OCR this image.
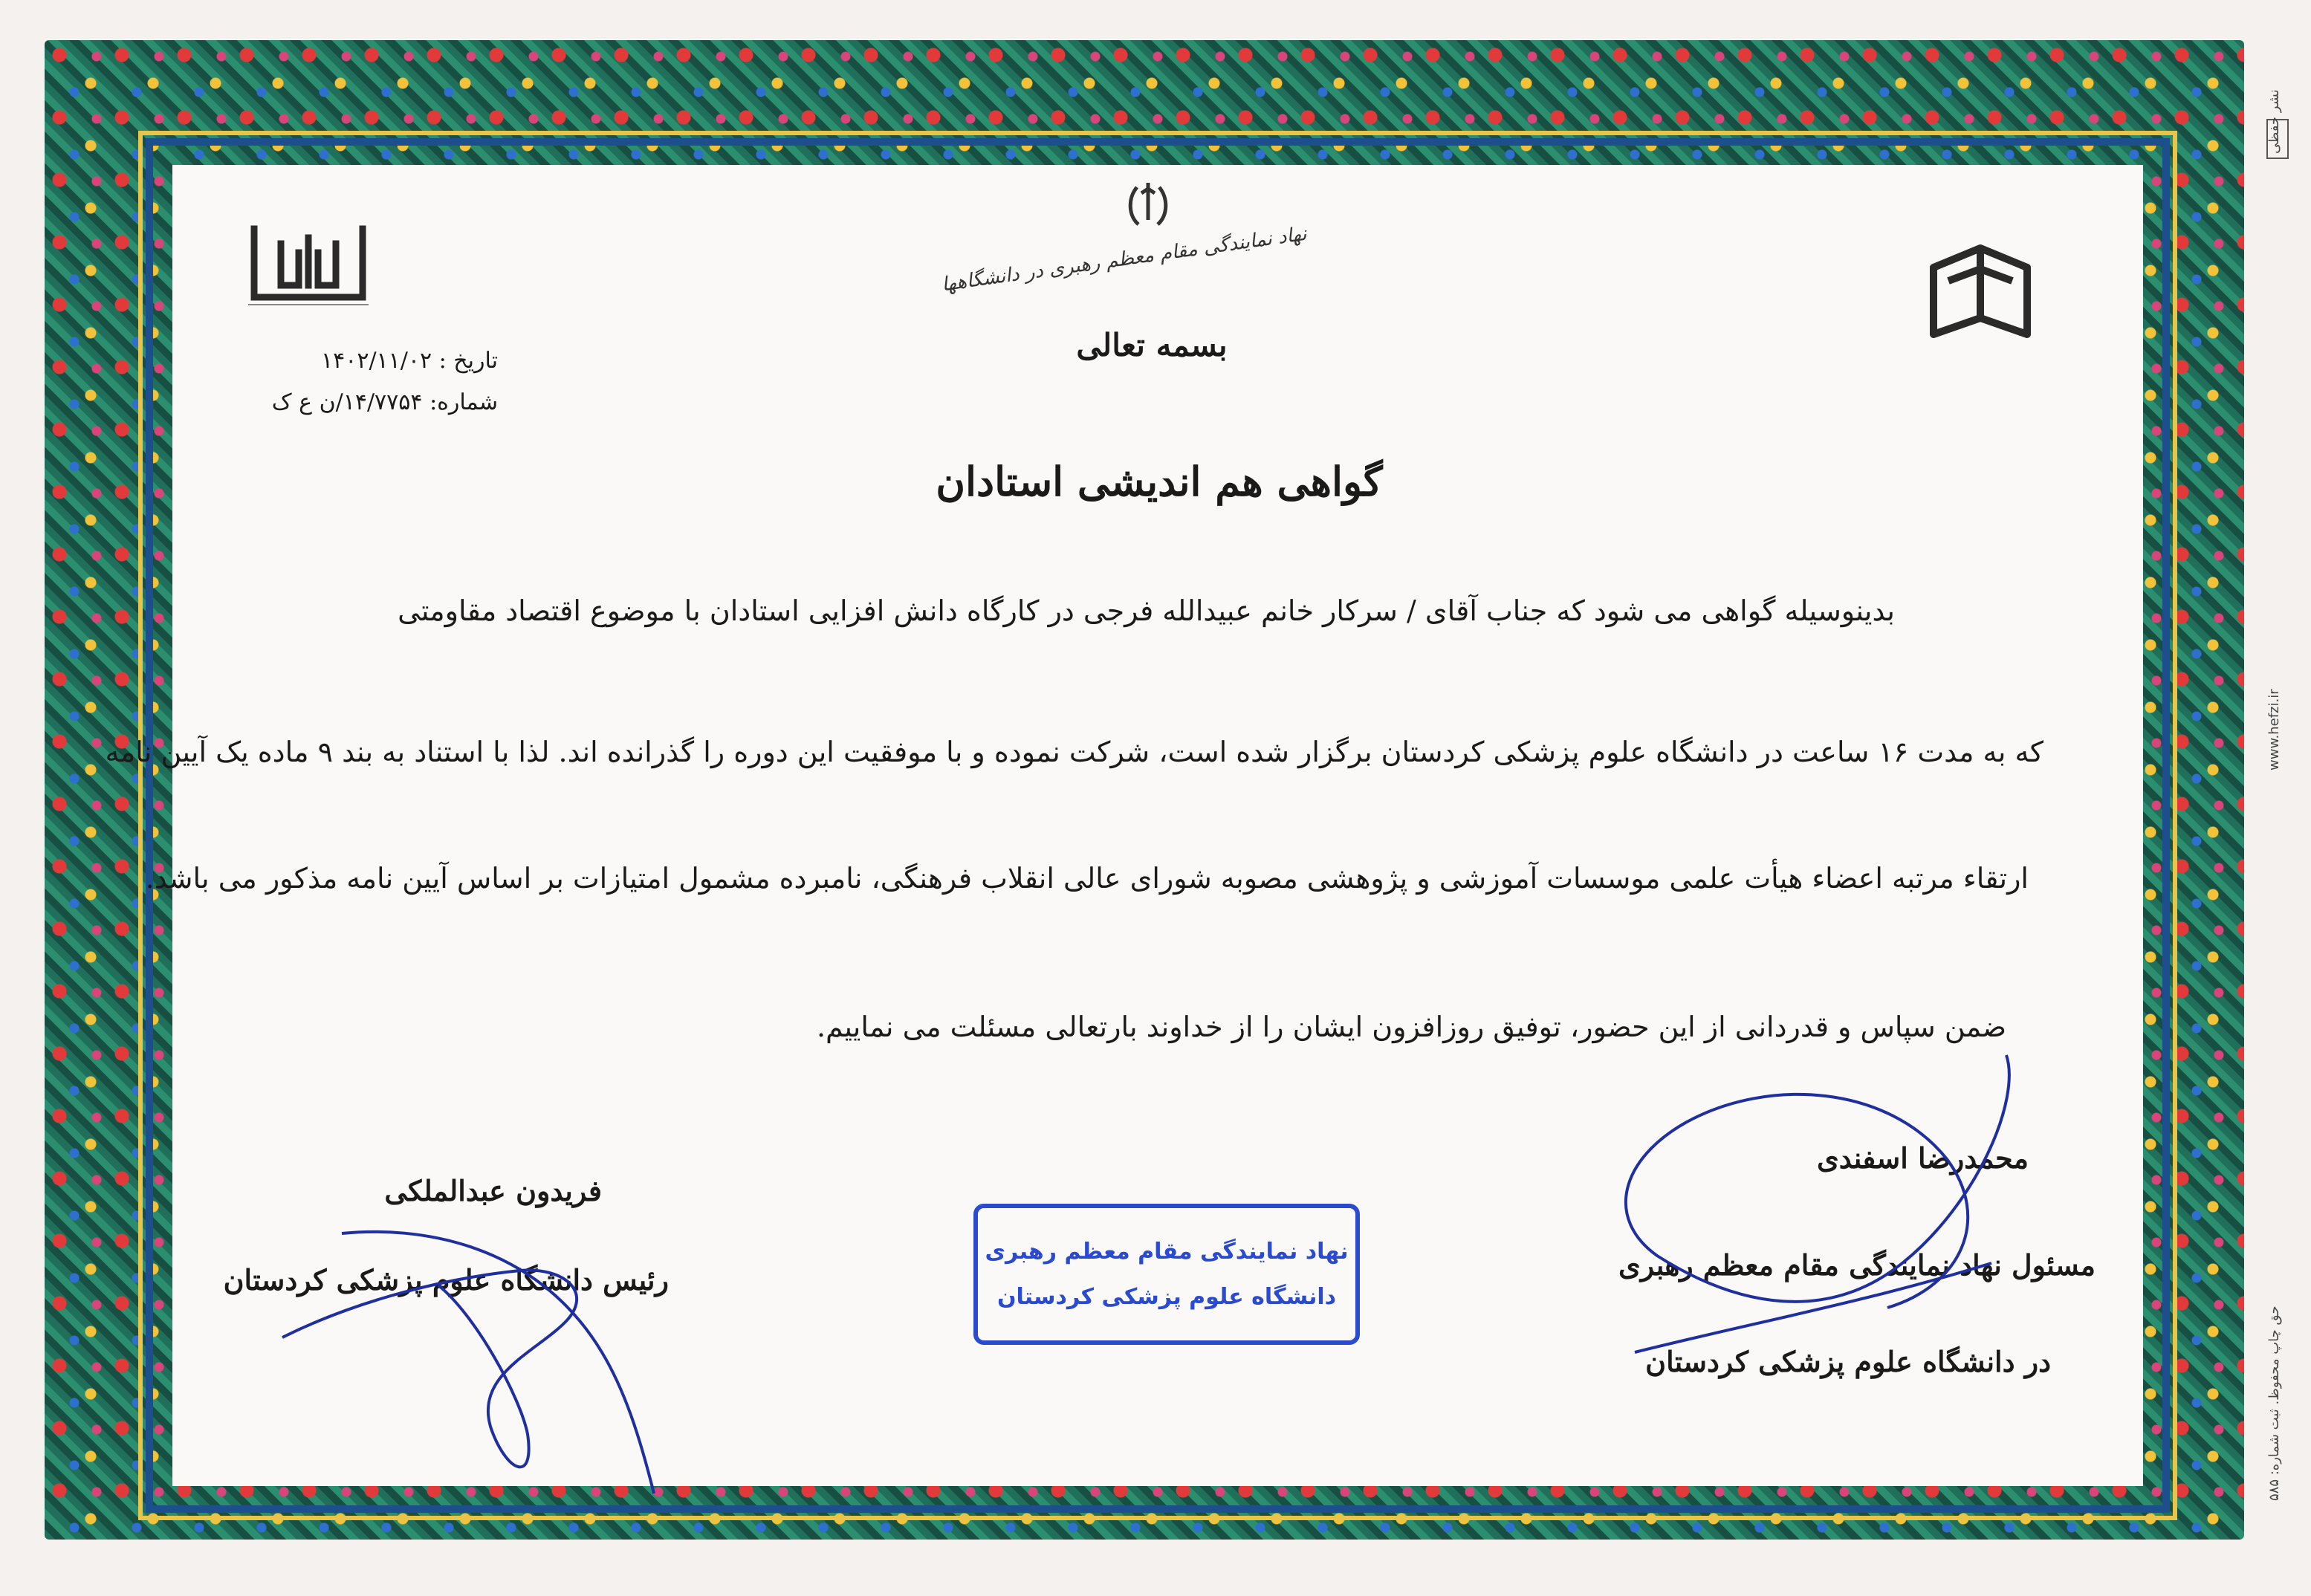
حق چاپ محفوظ. ثبت شماره: ۵۸۵
www.hefzi.ir
نشر حفظی
نهاد نمایندگی مقام معظم رهبری در دانشگاهها
بسمه تعالی
تاریخ : ۱۴۰۲/۱۱/۰۲
شماره: ۱۴/۷۷۵۴/ن ع ک
گواهی هم اندیشی استادان
بدینوسیله گواهی می شود که جناب آقای / سرکار خانم عبیدالله فرجی در کارگاه دانش افزایی استادان با موضوع اقتصاد مقاومتی
که به مدت ۱۶ ساعت در دانشگاه علوم پزشکی کردستان برگزار شده است، شرکت نموده و با موفقیت این دوره را گذرانده اند. لذا با استناد به بند ۹ ماده یک آیین نامه
ارتقاء مرتبه اعضاء هیأت علمی موسسات آموزشی و پژوهشی مصوبه شورای عالی انقلاب فرهنگی، نامبرده مشمول امتیازات بر اساس آیین نامه مذکور می باشد.
ضمن سپاس و قدردانی از این حضور، توفیق روزافزون ایشان را از خداوند بارتعالی مسئلت می نماییم.
فریدون عبدالملکی
رئیس دانشگاه علوم پزشکی کردستان
نهاد نمایندگی مقام معظم رهبری
دانشگاه علوم پزشکی کردستان
محمدرضا اسفندی
مسئول نهاد نمایندگی مقام معظم رهبری
در دانشگاه علوم پزشکی کردستان
